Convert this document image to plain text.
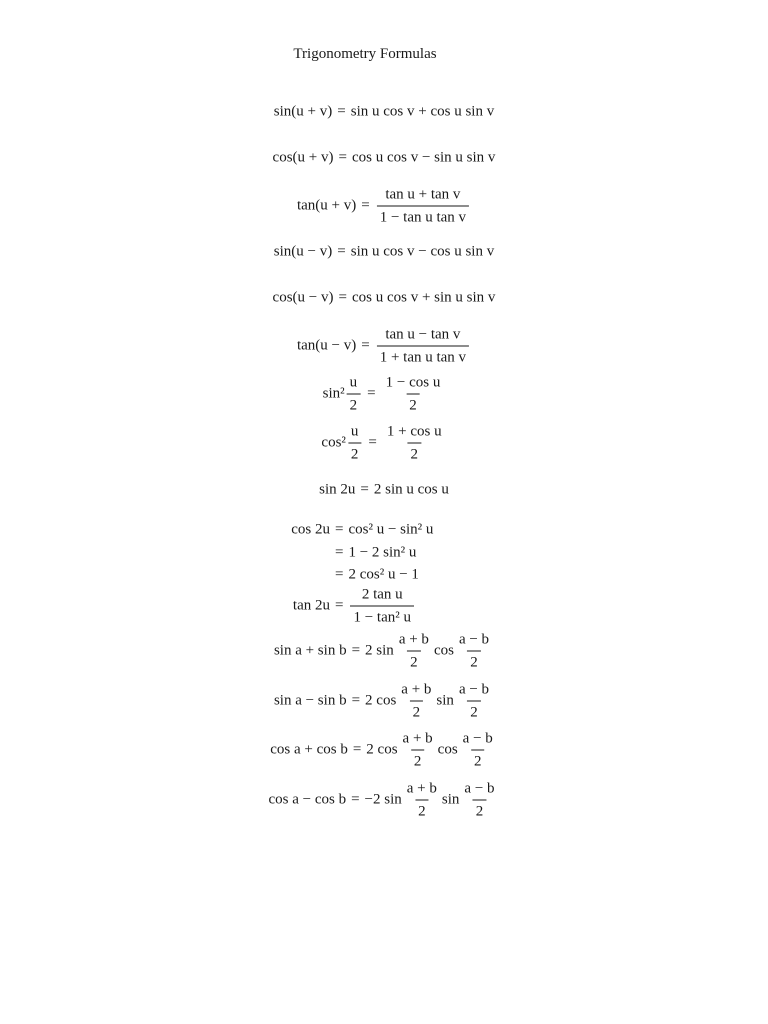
Trigonometry Formulas
sin(u + v) = sin u cos v + cos u sin v
cos(u + v) = cos u cos v − sin u sin v
$\tan(u + v) = \frac{\text{tan u + tan v}}{\text{1 − tan u tan v}}$
sin(u − v) = sin u cos v − cos u sin v
cos(u − v) = cos u cos v + sin u sin v
$\tan(u - v) = \frac{\text{tan u − tan v}}{\text{1 + tan u tan v}}$
$\sin^2 \frac{u}{2} = \frac{\text{1 − cos u}}{2}$
$\cos^2 \frac{u}{2} = \frac{\text{1 + cos u}}{2}$
sin 2u = 2 sin u cos u
cos 2u = cos² u − sin² u
= 1 − 2 sin² u
= 2 cos² u − 1
$\tan 2u = \frac{\text{2 tan u}}{\text{1 − tan² u}}$
sin a + sin b = 2 $\sin \frac{a + b}{2}$ $\cos \frac{a - b}{2}$
sin a − sin b = 2 $\cos \frac{a + b}{2}$ $\sin \frac{a - b}{2}$
cos a + cos b = 2 $\cos \frac{a + b}{2}$ $\cos \frac{a - b}{2}$
cos a − cos b = −2 $\sin \frac{a + b}{2}$ $\sin \frac{a - b}{2}$
